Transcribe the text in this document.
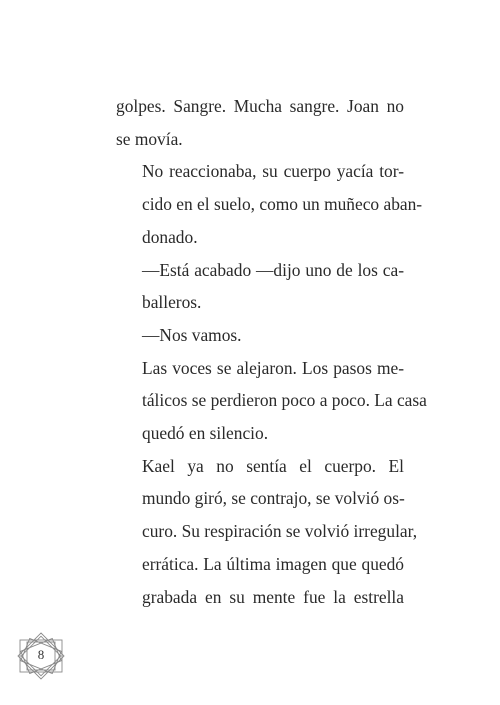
golpes. Sangre. Mucha sangre. Joan no
se movía.

No reaccionaba, su cuerpo yacía tor-
cido en el suelo, como un muñeco aban-
donado.

—Está acabado —dijo uno de los ca-
balleros.

—Nos vamos.

Las voces se alejaron. Los pasos me-
tálicos se perdieron poco a poco. La casa
quedó en silencio.

Kael ya no sentía el cuerpo. El
mundo giró, se contrajo, se volvió os-
curo. Su respiración se volvió irregular,
errática. La última imagen que quedó
grabada en su mente fue la estrella

8
